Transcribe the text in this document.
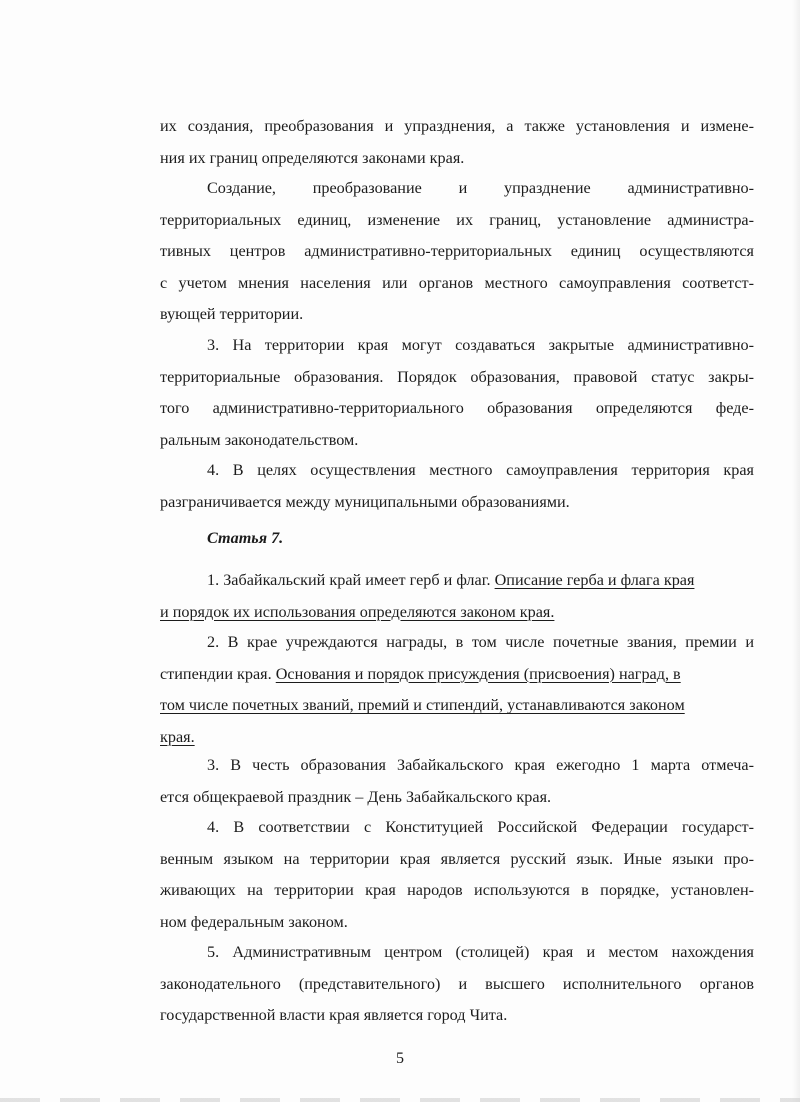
их создания, преобразования и упразднения, а также установления и измене-
ния их границ определяются законами края.
Создание, преобразование и упразднение административно-
территориальных единиц, изменение их границ, установление администра-
тивных центров административно-территориальных единиц осуществляются
с учетом мнения населения или органов местного самоуправления соответст-
вующей территории.
3. На территории края могут создаваться закрытые административно-
территориальные образования. Порядок образования, правовой статус закры-
того административно-территориального образования определяются феде-
ральным законодательством.
4. В целях осуществления местного самоуправления территория края
разграничивается между муниципальными образованиями.
Статья 7.
1. Забайкальский край имеет герб и флаг. Описание герба и флага края
и порядок их использования определяются законом края.
2. В крае учреждаются награды, в том числе почетные звания, премии и
стипендии края. Основания и порядок присуждения (присвоения) наград, в
том числе почетных званий, премий и стипендий, устанавливаются законом
края.
3. В честь образования Забайкальского края ежегодно 1 марта отмеча-
ется общекраевой праздник – День Забайкальского края.
4. В соответствии с Конституцией Российской Федерации государст-
венным языком на территории края является русский язык. Иные языки про-
живающих на территории края народов используются в порядке, установлен-
ном федеральным законом.
5. Административным центром (столицей) края и местом нахождения
законодательного (представительного) и высшего исполнительного органов
государственной власти края является город Чита.
5
